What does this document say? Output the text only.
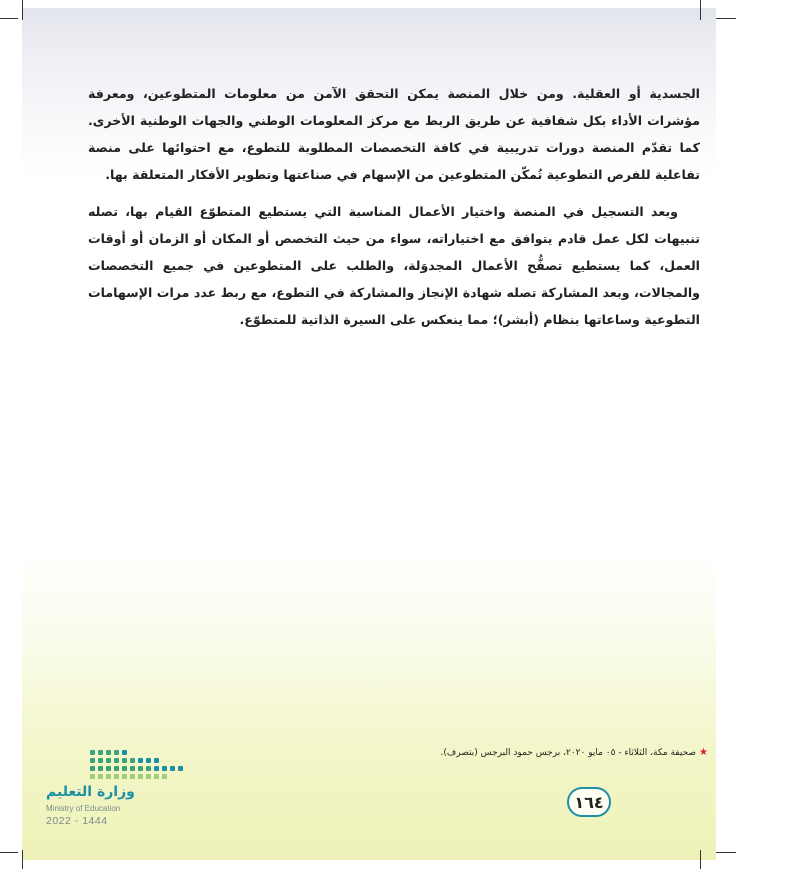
الجسدية أو العقلية. ومن خلال المنصة يمكن التحقق الآمن من معلومات المتطوعين، ومعرفة مؤشرات الأداء بكل شفافية عن طريق الربط مع مركز المعلومات الوطني والجهات الوطنية الأخرى. كما تقدّم المنصة دورات تدريبية في كافة التخصصات المطلوبة للتطوع، مع احتوائها على منصة تفاعلية للفرص التطوعية تُمكّن المتطوعين من الإسهام في صناعتها وتطوير الأفكار المتعلقة بها.

وبعد التسجيل في المنصة واختيار الأعمال المناسبة التي يستطيع المتطوّع القيام بها، تصله تنبيهات لكل عمل قادم يتوافق مع اختياراته، سواء من حيث التخصص أو المكان أو الزمان أو أوقات العمل، كما يستطيع تصفُّح الأعمال المجدوَلة، والطلب على المتطوعين في جميع التخصصات والمجالات، وبعد المشاركة تصله شهادة الإنجاز والمشاركة في التطوع، مع ربط عدد مرات الإسهامات التطوعية وساعاتها بنظام (أبشر)؛ مما ينعكس على السيرة الذاتية للمتطوّع.

★صحيفة مكة، الثلاثاء - ٠٥ مايو ٢٠٢٠، برجس حمود البرجس (بتصرف).
١٦٤
وزارة التعليم
Ministry of Education
2022 - 1444
